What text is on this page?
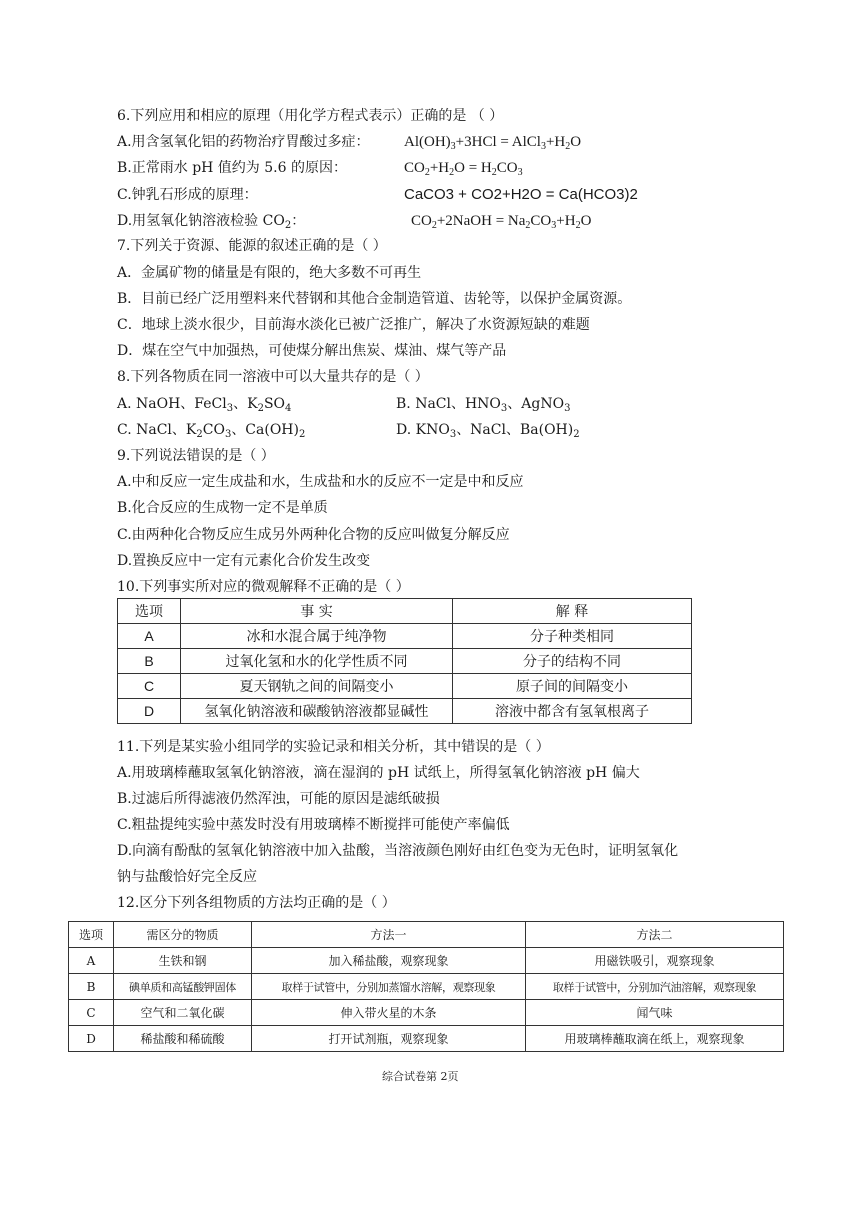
6.下列应用和相应的原理（用化学方程式表示）正确的是 （ ）
A.用含氢氧化铝的药物治疗胃酸过多症： $Al(OH)_3+3HCl$ = $AlCl_3+H_2O$
B.正常雨水 pH 值约为 5.6 的原因：	$CO_2+H_2O = H_2CO_3$
C.钟乳石形成的原理：	CaCO3 + CO2+H2O = Ca(HCO3)2
D.用氢氧化钠溶液检验 $CO_2$：	$CO_2+2NaOH = Na_2CO_3+H_2O$
7.下列关于资源、能源的叙述正确的是（ ）
A．金属矿物的储量是有限的，绝大多数不可再生
B．目前已经广泛用塑料来代替钢和其他合金制造管道、齿轮等，以保护金属资源。
C．地球上淡水很少，目前海水淡化已被广泛推广，解决了水资源短缺的难题
D．煤在空气中加强热，可使煤分解出焦炭、煤油、煤气等产品
8.下列各物质在同一溶液中可以大量共存的是（ ）
A. NaOH、FeCl$_3$、$K_2SO_4$	B. NaCl、$HNO_3$、AgNO$_3$
C. NaCl、$K_2CO_3$、$Ca(OH)_2$	D. $KNO_3$、NaCl、$Ba(OH)_2$
9.下列说法错误的是（ ）
A.中和反应一定生成盐和水，生成盐和水的反应不一定是中和反应
B.化合反应的生成物一定不是单质
C.由两种化合物反应生成另外两种化合物的反应叫做复分解反应
D.置换反应中一定有元素化合价发生改变
10.下列事实所对应的微观解释不正确的是（ ）
选项	事 实	解 释
A	冰和水混合属于纯净物	分子种类相同
B	过氧化氢和水的化学性质不同	分子的结构不同
C	夏天钢轨之间的间隔变小	原子间的间隔变小
D	氢氧化钠溶液和碳酸钠溶液都显碱性	溶液中都含有氢氧根离子
11.下列是某实验小组同学的实验记录和相关分析，其中错误的是（ ）
A.用玻璃棒蘸取氢氧化钠溶液，滴在湿润的 pH 试纸上，所得氢氧化钠溶液 pH 偏大
B.过滤后所得滤液仍然浑浊，可能的原因是滤纸破损
C.粗盐提纯实验中蒸发时没有用玻璃棒不断搅拌可能使产率偏低
D.向滴有酚酞的氢氧化钠溶液中加入盐酸，当溶液颜色刚好由红色变为无色时，证明氢氧化
钠与盐酸恰好完全反应
12.区分下列各组物质的方法均正确的是（ ）
选项	需区分的物质	方法一	方法二
A	生铁和钢	加入稀盐酸，观察现象	用磁铁吸引，观察现象
B	碘单质和高锰酸钾固体	取样于试管中，分别加蒸馏水溶解，观察现象	取样于试管中，分别加汽油溶解，观察现象
C	空气和二氧化碳	伸入带火星的木条	闻气味
D	稀盐酸和稀硫酸	打开试剂瓶，观察现象	用玻璃棒蘸取滴在纸上，观察现象
综合试卷第 2页
